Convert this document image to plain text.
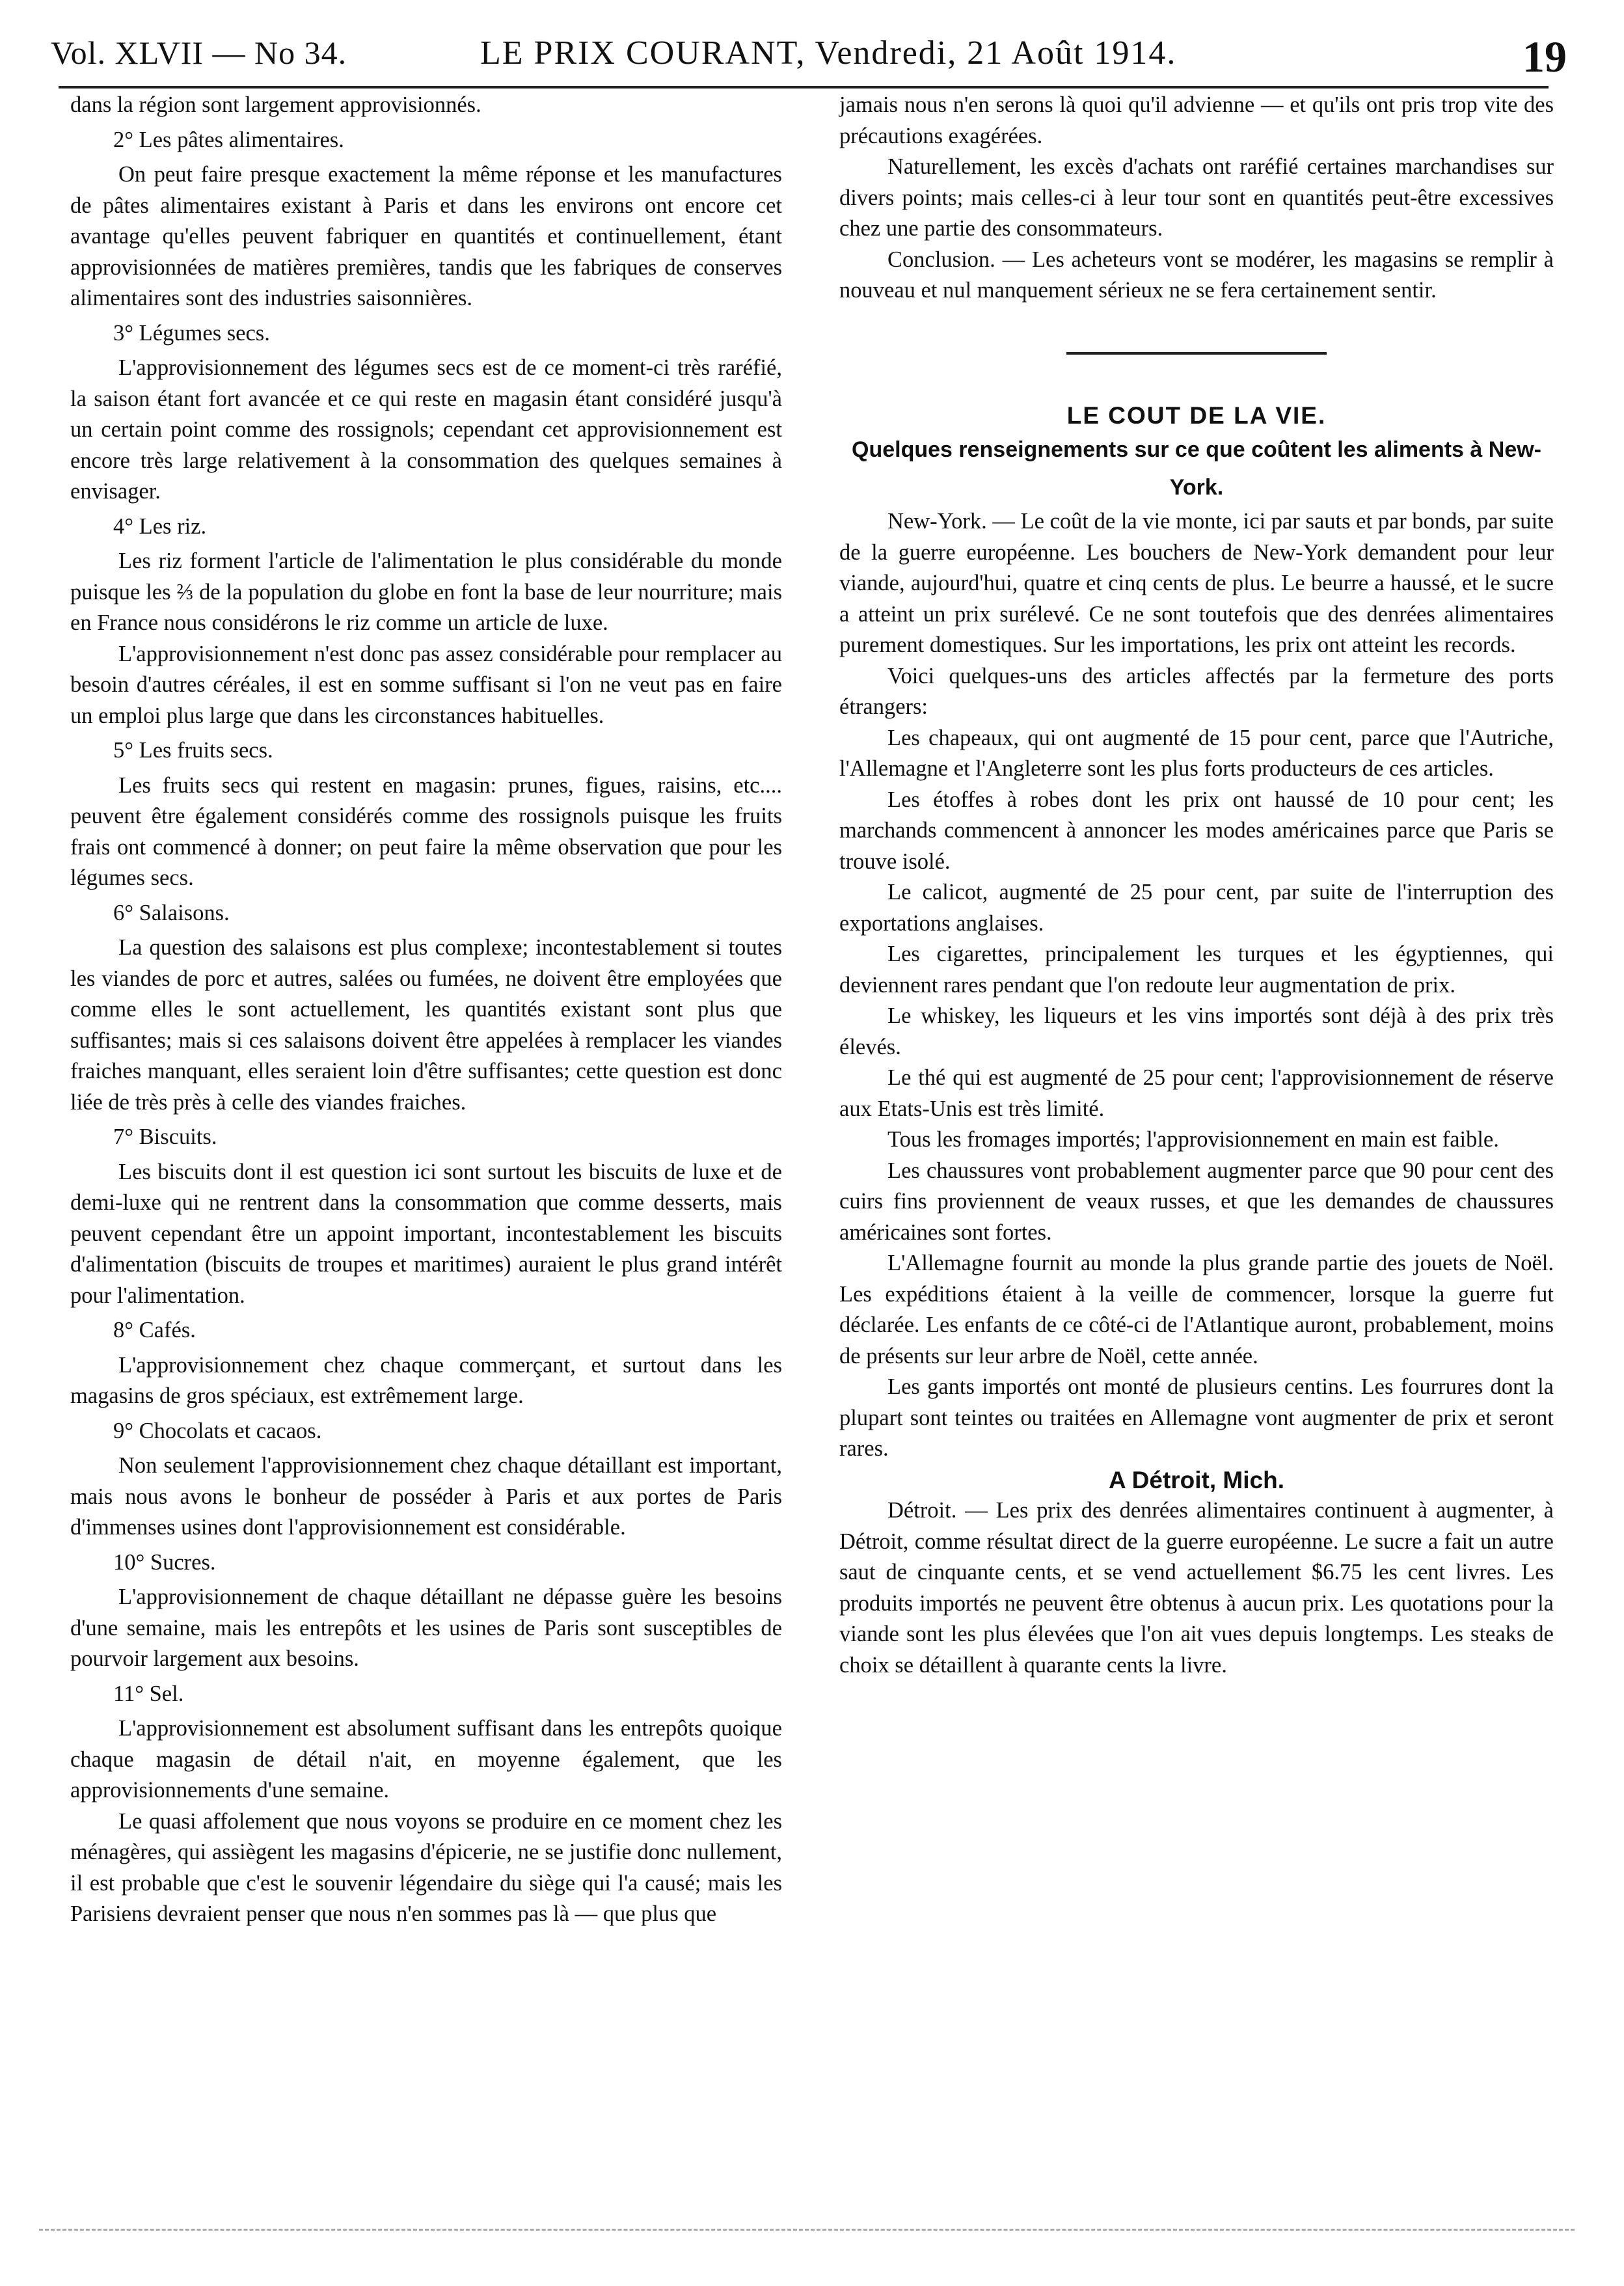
Vol. XLVII — No 34.	LE PRIX COURANT, Vendredi, 21 Août 1914.	19

dans la région sont largement approvisionnés.

2° Les pâtes alimentaires.

On peut faire presque exactement la même réponse et les manufactures de pâtes alimentaires existant à Paris et dans les environs ont encore cet avantage qu'elles peuvent fabriquer en quantités et continuellement, étant approvisionnées de matières premières, tandis que les fabriques de conserves alimentaires sont des industries saisonnières.

3° Légumes secs.

L'approvisionnement des légumes secs est de ce moment-ci très raréfié, la saison étant fort avancée et ce qui reste en magasin étant considéré jusqu'à un certain point comme des rossignols; cependant cet approvisionnement est encore très large relativement à la consommation des quelques semaines à envisager.

4° Les riz.

Les riz forment l'article de l'alimentation le plus considérable du monde puisque les ⅔ de la population du globe en font la base de leur nourriture; mais en France nous considérons le riz comme un article de luxe.

L'approvisionnement n'est donc pas assez considérable pour remplacer au besoin d'autres céréales, il est en somme suffisant si l'on ne veut pas en faire un emploi plus large que dans les circonstances habituelles.

5° Les fruits secs.

Les fruits secs qui restent en magasin: prunes, figues, raisins, etc.... peuvent être également considérés comme des rossignols puisque les fruits frais ont commencé à donner; on peut faire la même observation que pour les légumes secs.

6° Salaisons.

La question des salaisons est plus complexe; incontestablement si toutes les viandes de porc et autres, salées ou fumées, ne doivent être employées que comme elles le sont actuellement, les quantités existant sont plus que suffisantes; mais si ces salaisons doivent être appelées à remplacer les viandes fraiches manquant, elles seraient loin d'être suffisantes; cette question est donc liée de très près à celle des viandes fraiches.

7° Biscuits.

Les biscuits dont il est question ici sont surtout les biscuits de luxe et de demi-luxe qui ne rentrent dans la consommation que comme desserts, mais peuvent cependant être un appoint important, incontestablement les biscuits d'alimentation (biscuits de troupes et maritimes) auraient le plus grand intérêt pour l'alimentation.

8° Cafés.

L'approvisionnement chez chaque commerçant, et surtout dans les magasins de gros spéciaux, est extrêmement large.

9° Chocolats et cacaos.

Non seulement l'approvisionnement chez chaque détaillant est important, mais nous avons le bonheur de posséder à Paris et aux portes de Paris d'immenses usines dont l'approvisionnement est considérable.

10° Sucres.

L'approvisionnement de chaque détaillant ne dépasse guère les besoins d'une semaine, mais les entrepôts et les usines de Paris sont susceptibles de pourvoir largement aux besoins.

11° Sel.

L'approvisionnement est absolument suffisant dans les entrepôts quoique chaque magasin de détail n'ait, en moyenne également, que les approvisionnements d'une semaine.

Le quasi affolement que nous voyons se produire en ce moment chez les ménagères, qui assiègent les magasins d'épicerie, ne se justifie donc nullement, il est probable que c'est le souvenir légendaire du siège qui l'a causé; mais les Parisiens devraient penser que nous n'en sommes pas là — que plus que

jamais nous n'en serons là quoi qu'il advienne — et qu'ils ont pris trop vite des précautions exagérées.

Naturellement, les excès d'achats ont raréfié certaines marchandises sur divers points; mais celles-ci à leur tour sont en quantités peut-être excessives chez une partie des consommateurs.

Conclusion. — Les acheteurs vont se modérer, les magasins se remplir à nouveau et nul manquement sérieux ne se fera certainement sentir.

LE COUT DE LA VIE.

Quelques renseignements sur ce que coûtent les aliments à New-York.

New-York. — Le coût de la vie monte, ici par sauts et par bonds, par suite de la guerre européenne. Les bouchers de New-York demandent pour leur viande, aujourd'hui, quatre et cinq cents de plus. Le beurre a haussé, et le sucre a atteint un prix surélevé. Ce ne sont toutefois que des denrées alimentaires purement domestiques. Sur les importations, les prix ont atteint les records.

Voici quelques-uns des articles affectés par la fermeture des ports étrangers:

Les chapeaux, qui ont augmenté de 15 pour cent, parce que l'Autriche, l'Allemagne et l'Angleterre sont les plus forts producteurs de ces articles.

Les étoffes à robes dont les prix ont haussé de 10 pour cent; les marchands commencent à annoncer les modes américaines parce que Paris se trouve isolé.

Le calicot, augmenté de 25 pour cent, par suite de l'interruption des exportations anglaises.

Les cigarettes, principalement les turques et les égyptiennes, qui deviennent rares pendant que l'on redoute leur augmentation de prix.

Le whiskey, les liqueurs et les vins importés sont déjà à des prix très élevés.

Le thé qui est augmenté de 25 pour cent; l'approvisionnement de réserve aux Etats-Unis est très limité.

Tous les fromages importés; l'approvisionnement en main est faible.

Les chaussures vont probablement augmenter parce que 90 pour cent des cuirs fins proviennent de veaux russes, et que les demandes de chaussures américaines sont fortes.

L'Allemagne fournit au monde la plus grande partie des jouets de Noël. Les expéditions étaient à la veille de commencer, lorsque la guerre fut déclarée. Les enfants de ce côté-ci de l'Atlantique auront, probablement, moins de présents sur leur arbre de Noël, cette année.

Les gants importés ont monté de plusieurs centins. Les fourrures dont la plupart sont teintes ou traitées en Allemagne vont augmenter de prix et seront rares.

A Détroit, Mich.

Détroit. — Les prix des denrées alimentaires continuent à augmenter, à Détroit, comme résultat direct de la guerre européenne. Le sucre a fait un autre saut de cinquante cents, et se vend actuellement $6.75 les cent livres. Les produits importés ne peuvent être obtenus à aucun prix. Les quotations pour la viande sont les plus élevées que l'on ait vues depuis longtemps. Les steaks de choix se détaillent à quarante cents la livre.
